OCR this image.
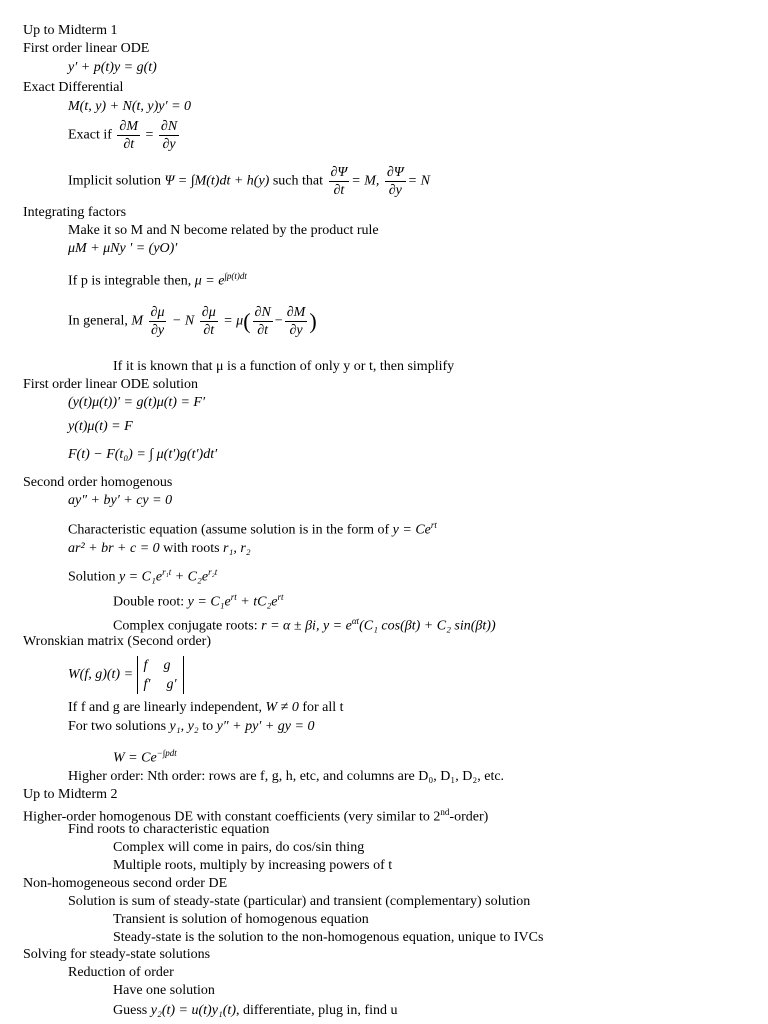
Up to Midterm 1
First order linear ODE
y′ + p(t)y = g(t)
Exact Differential
M(t, y) + N(t, y)y′ = 0
Exact if $\frac{\partial M}{\partial t} = \frac{\partial N}{\partial y}$
Implicit solution Ψ = ∫M(t)dt + h(y) such that $\frac{\partial\Psi}{\partial t} = M$, $\frac{\partial\Psi}{\partial y} = N$
Integrating factors
Make it so M and N become related by the product rule
μM + μNy ' = (yO)′
If p is integrable then, $\mu = e^{\int p(t)dt}$
In general, M $\frac{\partial\mu}{\partial y} - N \frac{\partial\mu}{\partial t} = \mu( \frac{\partial N}{\partial t} - \frac{\partial M}{\partial y}$ )
If it is known that μ is a function of only y or t, then simplify
First order linear ODE solution
(y(t)μ(t))′ = g(t)μ(t) = F′
y(t)μ(t) = F
F(t) − F(t₀) = ∫ μ(t′)g(t′)dt′
Second order homogenous
ay″ + by′ + cy = 0
Characteristic equation (assume solution is in the form of $y = Ce^{rt}$
ar² + br + c = 0 with roots r₁, r₂
Solution $y = C_1e^{r_1t} + C_2e^{r_2t}$
Double root: $y = C_1e^{rt} + tC_2e^{rt}$
Complex conjugate roots: r = α ± βi, $y = e^{\alpha t}(C_1$ cos(βt) + C₂ sin(βt))
Wronskian matrix (Second order)
W(f, g)(t) =
f g
f′ g′
If f and g are linearly independent, W ≠ 0 for all t
For two solutions y₁, y₂ to y″ + py′ + gy = 0
$W = Ce^{-\int pdt}$
Higher order: Nth order: rows are f, g, h, etc, and columns are D₀, D₁, D₂, etc.
Up to Midterm 2
Higher-order homogenous DE with constant coefficients (very similar to 2nd-order)
Find roots to characteristic equation
Complex will come in pairs, do cos/sin thing
Multiple roots, multiply by increasing powers of t
Non-homogeneous second order DE
Solution is sum of steady-state (particular) and transient (complementary) solution
Transient is solution of homogenous equation
Steady-state is the solution to the non-homogenous equation, unique to IVCs
Solving for steady-state solutions
Reduction of order
Have one solution
Guess y₂(t) = u(t)y₁(t), differentiate, plug in, find u
